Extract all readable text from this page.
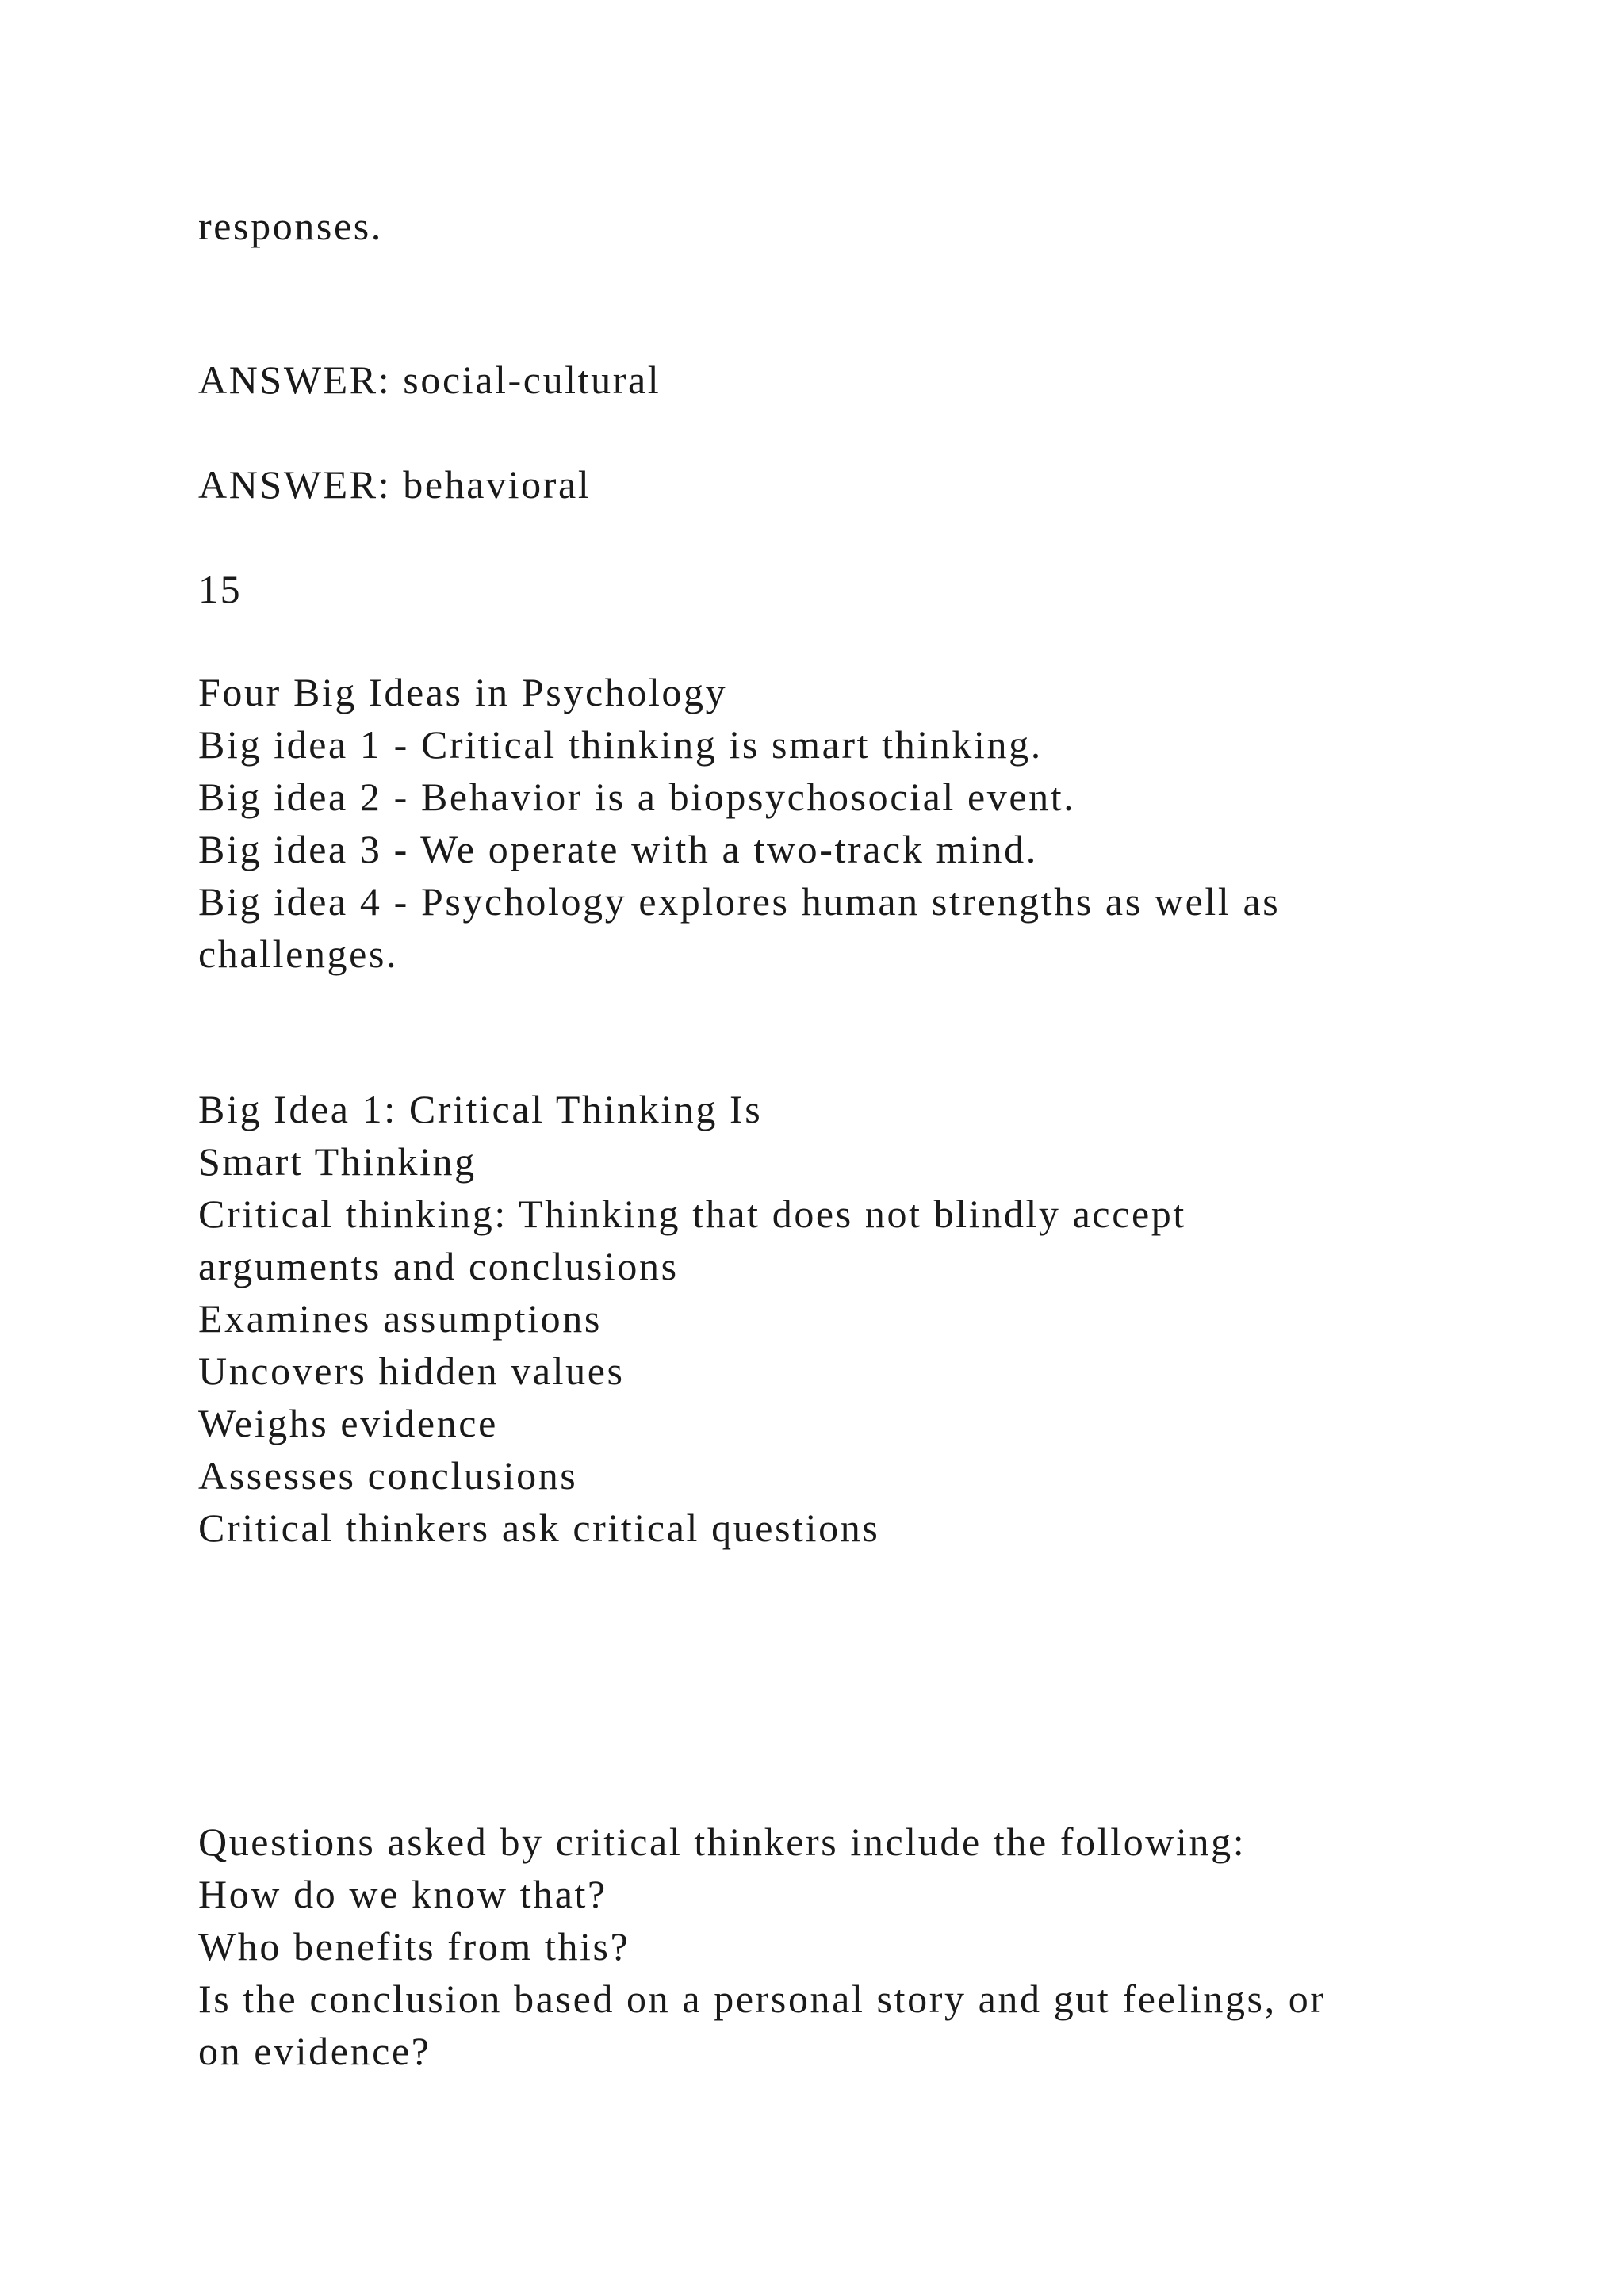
responses.

ANSWER: social-cultural

ANSWER: behavioral

15

Four Big Ideas in Psychology

Big idea 1 - Critical thinking is smart thinking.

Big idea 2 - Behavior is a biopsychosocial event.

Big idea 3 - We operate with a two-track mind.

Big idea 4 - Psychology explores human strengths as well as

challenges.

Big Idea 1: Critical Thinking Is

Smart Thinking

Critical thinking: Thinking that does not blindly accept

arguments and conclusions

Examines assumptions

Uncovers hidden values

Weighs evidence

Assesses conclusions

Critical thinkers ask critical questions

Questions asked by critical thinkers include the following:

How do we know that?

Who benefits from this?

Is the conclusion based on a personal story and gut feelings, or

on evidence?
